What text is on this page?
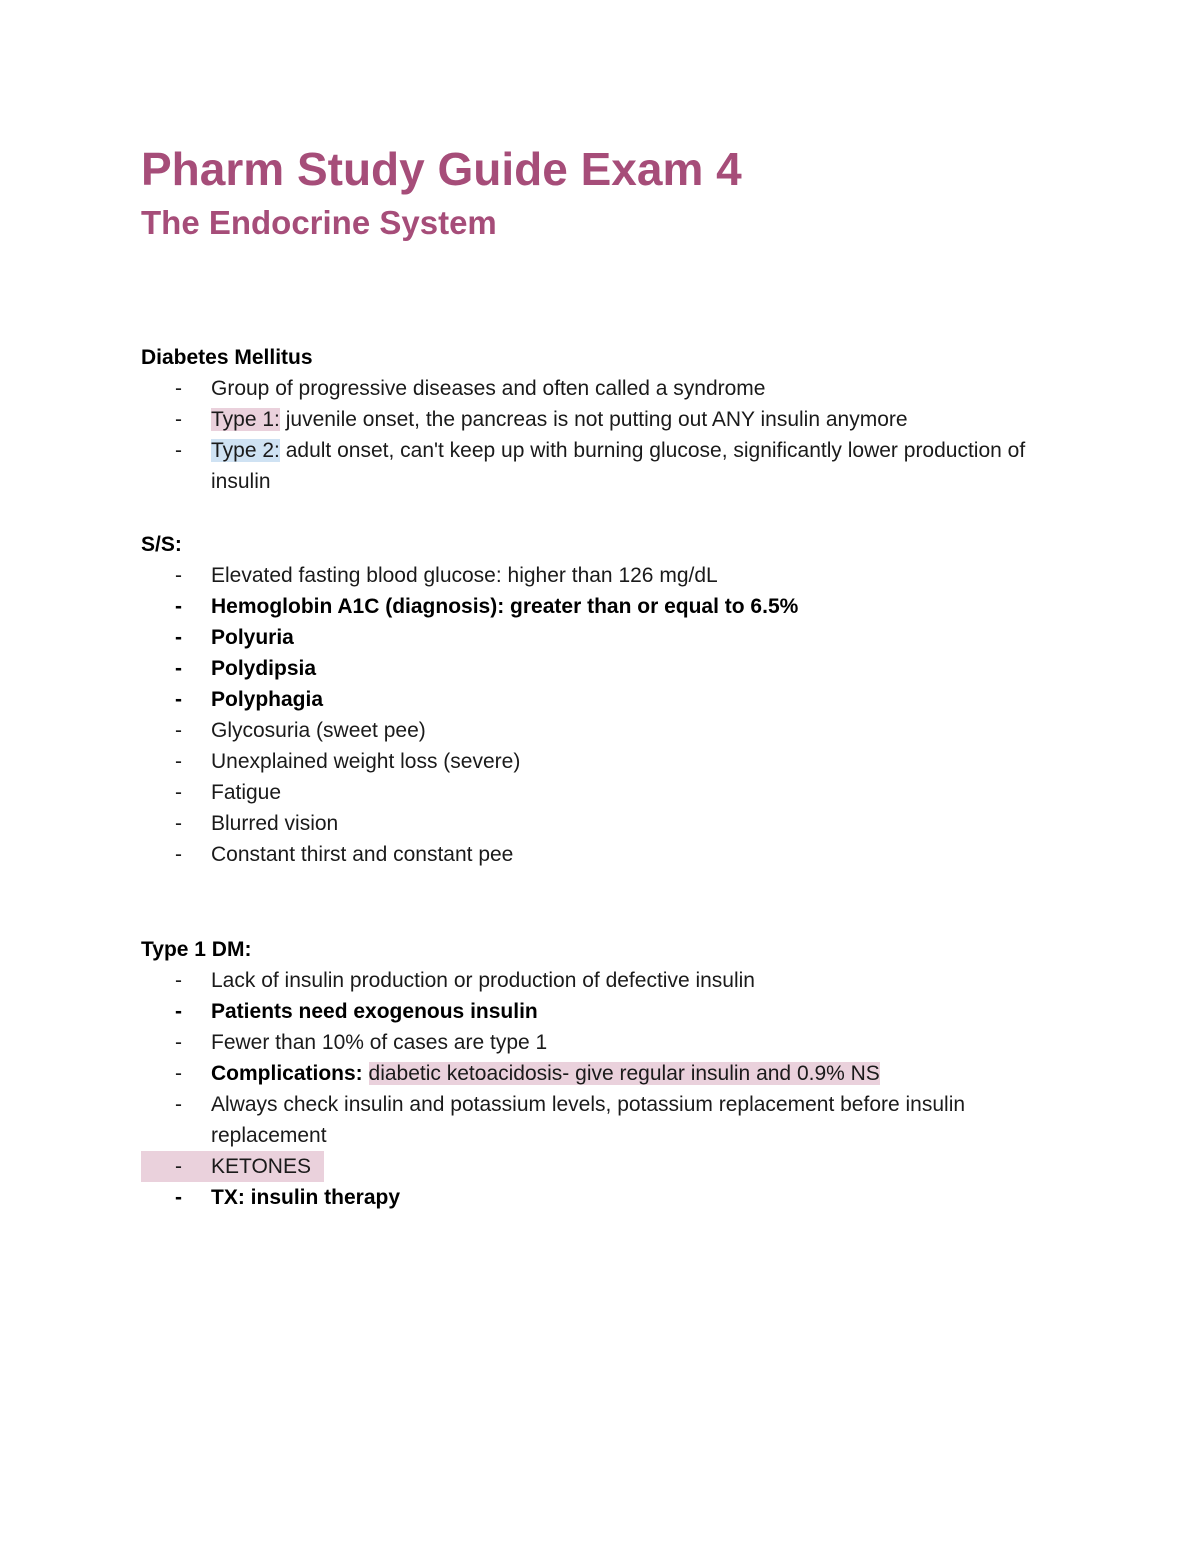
Pharm Study Guide Exam 4
The Endocrine System

Diabetes Mellitus

- Group of progressive diseases and often called a syndrome
- Type 1: juvenile onset, the pancreas is not putting out ANY insulin anymore
- Type 2: adult onset, can't keep up with burning glucose, significantly lower production of insulin

S/S:

- Elevated fasting blood glucose: higher than 126 mg/dL
- Hemoglobin A1C (diagnosis): greater than or equal to 6.5%
- Polyuria
- Polydipsia
- Polyphagia
- Glycosuria (sweet pee)
- Unexplained weight loss (severe)
- Fatigue
- Blurred vision
- Constant thirst and constant pee

Type 1 DM:

- Lack of insulin production or production of defective insulin
- Patients need exogenous insulin
- Fewer than 10% of cases are type 1
- Complications: diabetic ketoacidosis- give regular insulin and 0.9% NS
- Always check insulin and potassium levels, potassium replacement before insulin replacement
- KETONES
- TX: insulin therapy
